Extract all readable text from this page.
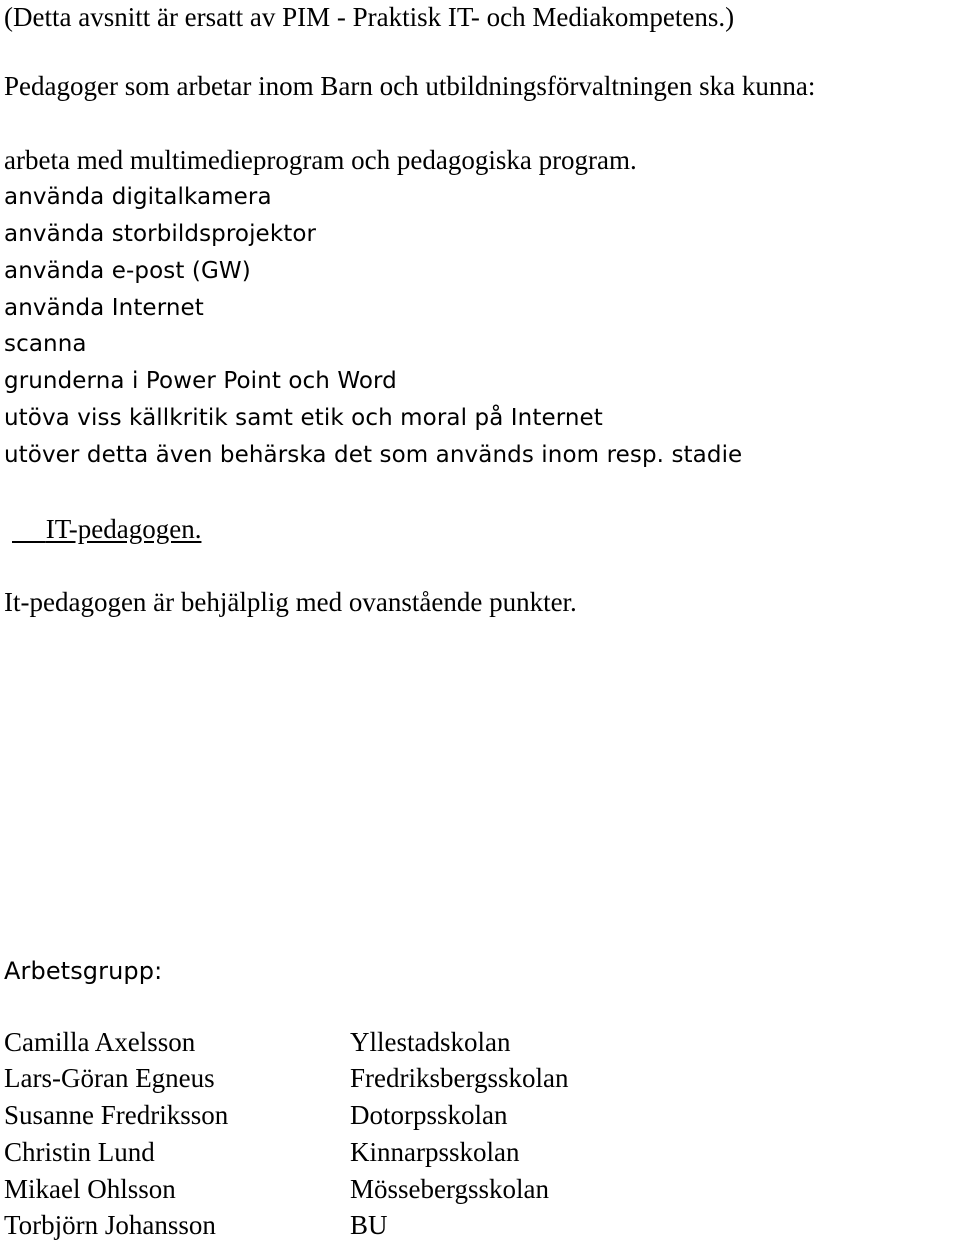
(Detta avsnitt är ersatt av PIM - Praktisk IT- och Mediakompetens.)
Pedagoger som arbetar inom Barn och utbildningsförvaltningen ska kunna:
arbeta med multimedieprogram och pedagogiska program.
använda digitalkamera
använda storbildsprojektor
använda e-post (GW)
använda Internet
scanna
grunderna i Power Point och Word
utöva viss källkritik samt etik och moral på Internet
utöver detta även behärska det som används inom resp. stadie
IT-pedagogen.
It-pedagogen är behjälplig med ovanstående punkter.
Arbetsgrupp:
Camilla Axelsson	Yllestadskolan
Lars-Göran Egneus	Fredriksbergsskolan
Susanne Fredriksson	Dotorpsskolan
Christin Lund	Kinnarpsskolan
Mikael Ohlsson	Mössebergsskolan
Torbjörn Johansson	BU
